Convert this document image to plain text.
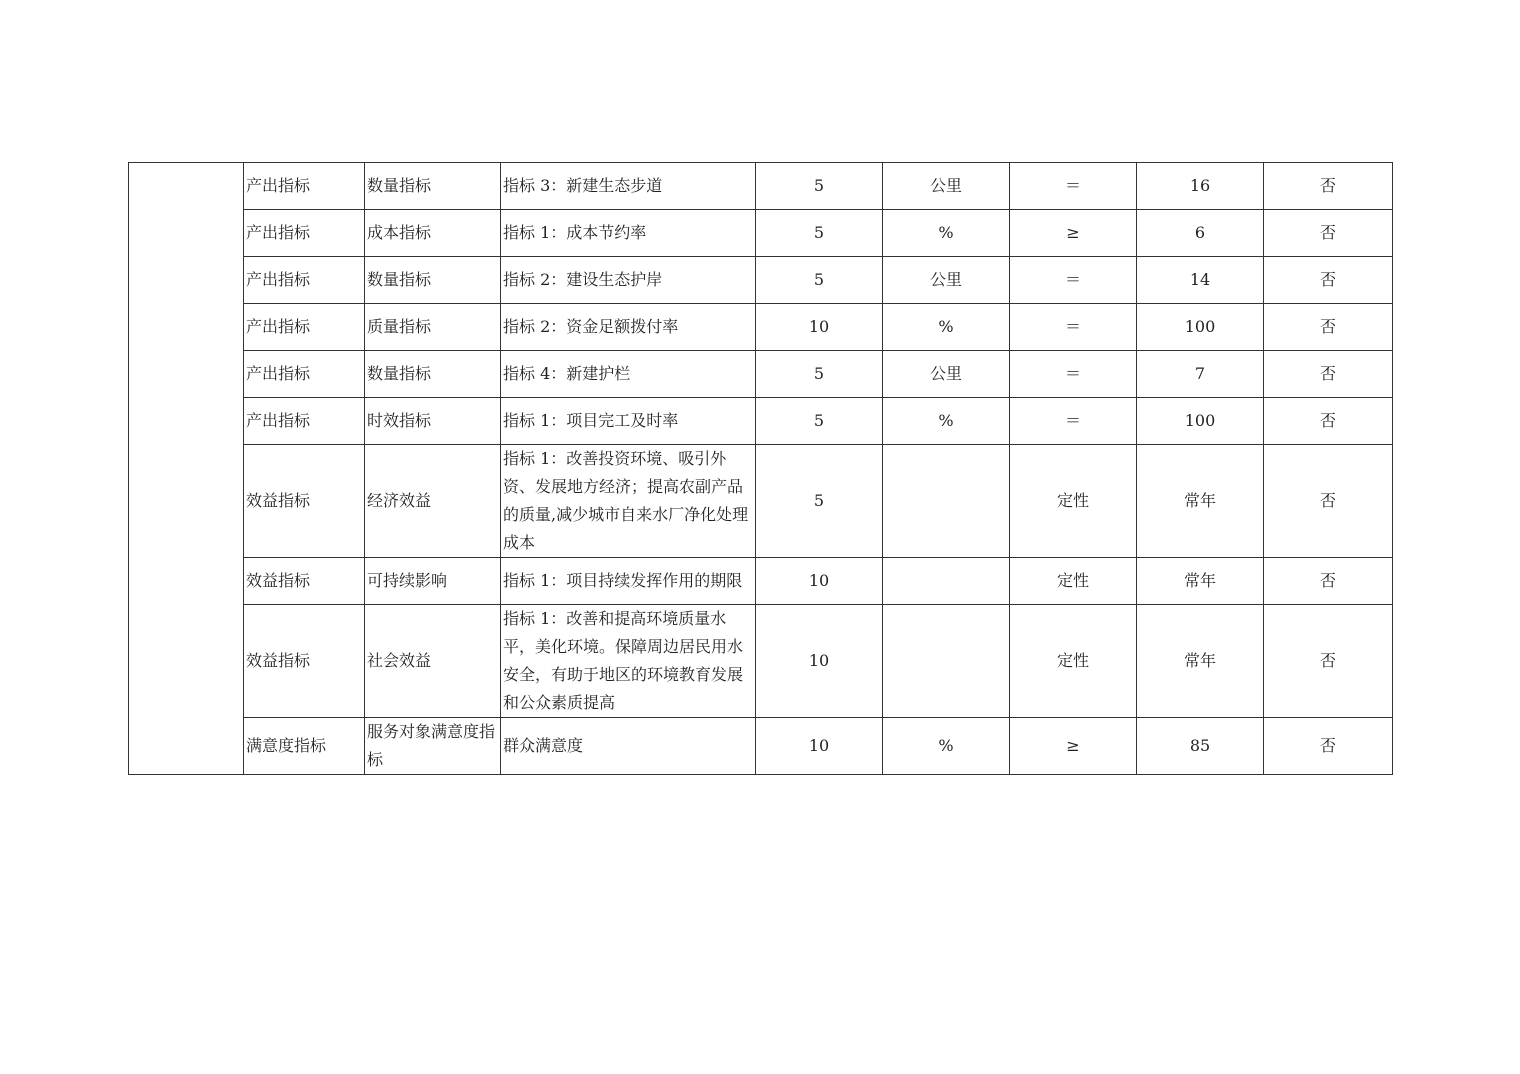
	产出指标	数量指标	指标 3：新建生态步道	5	公里	＝	16	否
	产出指标	成本指标	指标 1：成本节约率	5	%	≥	6	否
	产出指标	数量指标	指标 2：建设生态护岸	5	公里	＝	14	否
	产出指标	质量指标	指标 2：资金足额拨付率	10	%	＝	100	否
	产出指标	数量指标	指标 4：新建护栏	5	公里	＝	7	否
	产出指标	时效指标	指标 1：项目完工及时率	5	%	＝	100	否
	效益指标	经济效益	指标 1：改善投资环境、吸引外资、发展地方经济；提高农副产品的质量,减少城市自来水厂净化处理成本	5		定性	常年	否
	效益指标	可持续影响	指标 1：项目持续发挥作用的期限	10		定性	常年	否
	效益指标	社会效益	指标 1：改善和提高环境质量水平，美化环境。保障周边居民用水安全，有助于地区的环境教育发展和公众素质提高	10		定性	常年	否
	满意度指标	服务对象满意度指标	群众满意度	10	%	≥	85	否
